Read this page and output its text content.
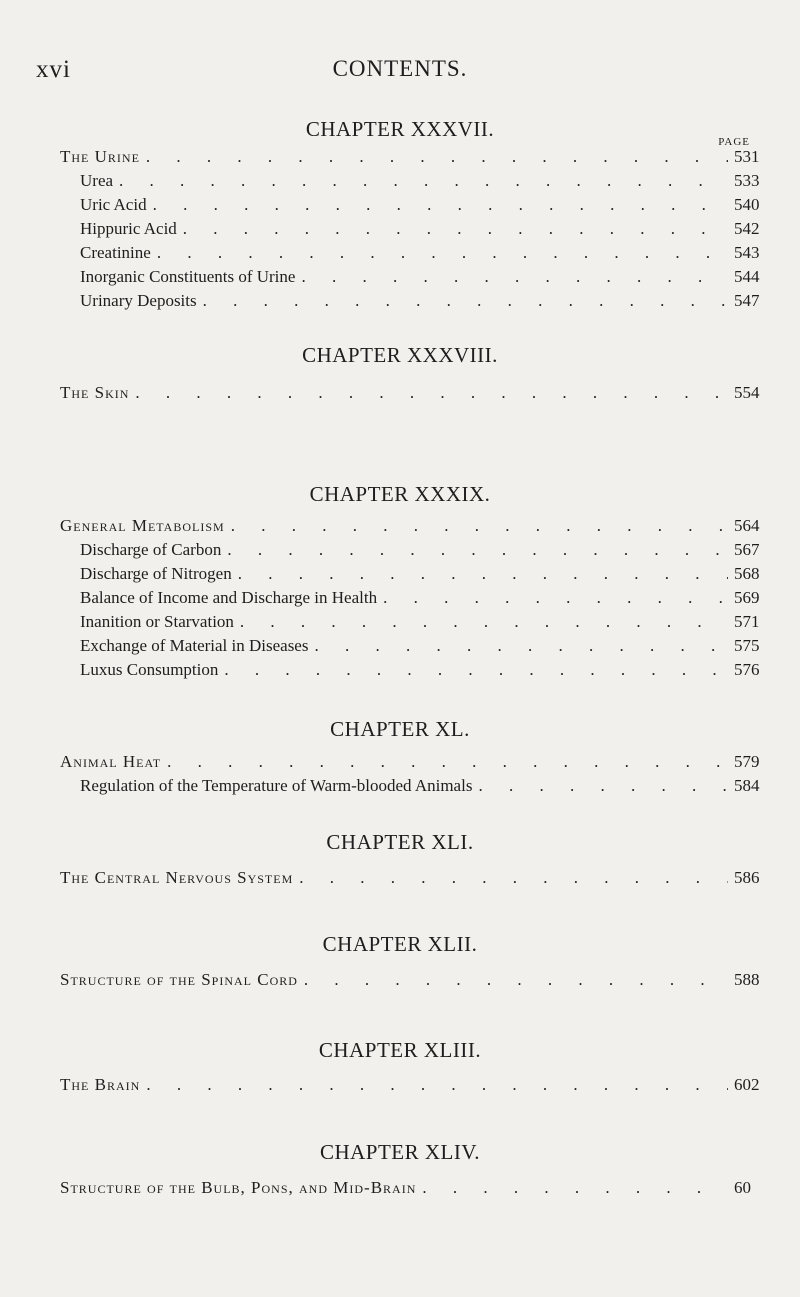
xvi	CONTENTS.
PAGE
CHAPTER XXXVII.
The Urine . . .	531
Urea . . .	533
Uric Acid . . .	540
Hippuric Acid . . .	542
Creatinine . . .	543
Inorganic Constituents of Urine . . .	544
Urinary Deposits . . .	547
CHAPTER XXXVIII.
The Skin . . .	554
CHAPTER XXXIX.
General Metabolism . . .	564
Discharge of Carbon . . .	567
Discharge of Nitrogen . . .	568
Balance of Income and Discharge in Health . . .	569
Inanition or Starvation . . .	571
Exchange of Material in Diseases . . .	575
Luxus Consumption . . .	576
CHAPTER XL.
Animal Heat . . .	579
Regulation of the Temperature of Warm-blooded Animals . . .	584
CHAPTER XLI.
The Central Nervous System . . .	586
CHAPTER XLII.
Structure of the Spinal Cord . . .	588
CHAPTER XLIII.
The Brain . . .	602
CHAPTER XLIV.
Structure of the Bulb, Pons, and Mid-Brain . . .	60
